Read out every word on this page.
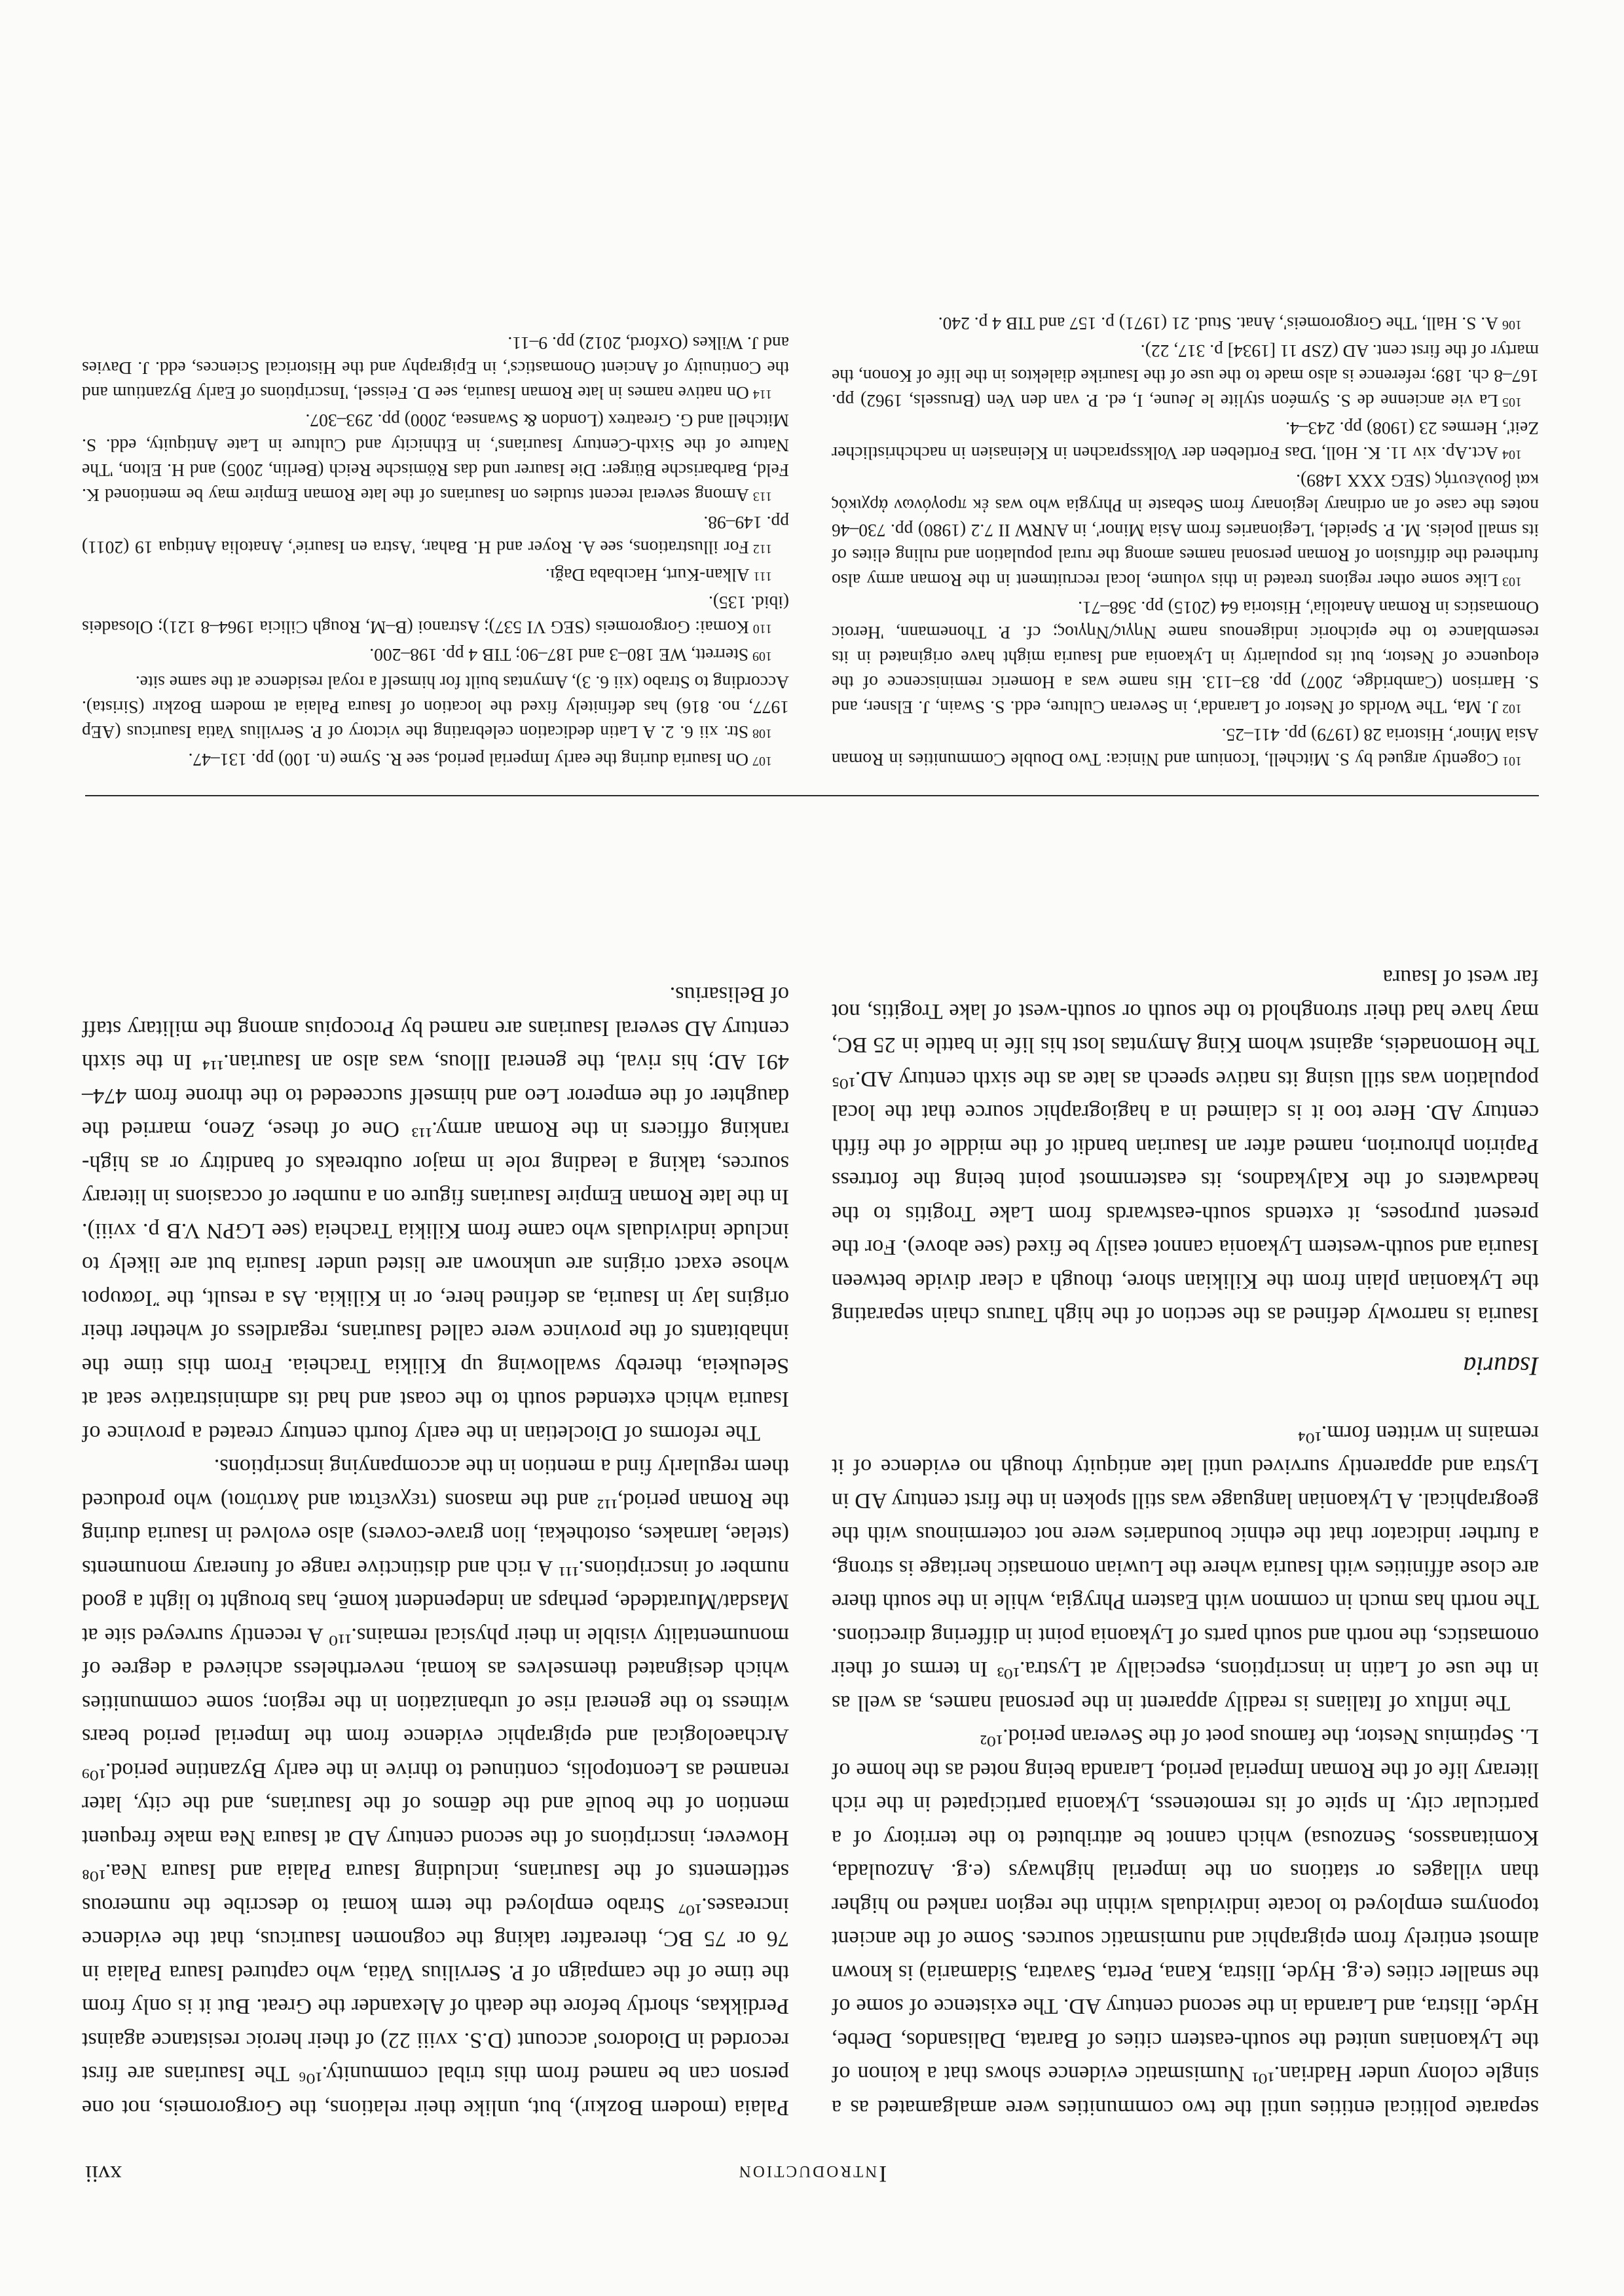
Introduction
xvii

separate political entities until the two communities were amalgamated as a single colony under Hadrian.¹⁰¹ Numismatic evidence shows that a koinon of the Lykaonians united the south-eastern cities of Barata, Dalisandos, Derbe, Hyde, Ilistra, and Laranda in the second century AD. The existence of some of the smaller cities (e.g. Hyde, Ilistra, Kana, Perta, Savatra, Sidamaria) is known almost entirely from epigraphic and numismatic sources. Some of the ancient toponyms employed to locate individuals within the region ranked no higher than villages or stations on the imperial highways (e.g. Anzoulada, Komitanassos, Senzousa) which cannot be attributed to the territory of a particular city. In spite of its remoteness, Lykaonia participated in the rich literary life of the Roman Imperial period, Laranda being noted as the home of L. Septimius Nestor, the famous poet of the Severan period.¹⁰²

The influx of Italians is readily apparent in the personal names, as well as in the use of Latin in inscriptions, especially at Lystra.¹⁰³ In terms of their onomastics, the north and south parts of Lykaonia point in differing directions. The north has much in common with Eastern Phrygia, while in the south there are close affinities with Isauria where the Luwian onomastic heritage is strong, a further indicator that the ethnic boundaries were not coterminous with the geographical. A Lykaonian language was still spoken in the first century AD in Lystra and apparently survived until late antiquity though no evidence of it remains in written form.¹⁰⁴

Isauria

Isauria is narrowly defined as the section of the high Taurus chain separating the Lykaonian plain from the Kilikian shore, though a clear divide between Isauria and south-western Lykaonia cannot easily be fixed (see above). For the present purposes, it extends south-eastwards from Lake Trogitis to the headwaters of the Kalykadnos, its easternmost point being the fortress Papirion phrourion, named after an Isaurian bandit of the middle of the fifth century AD. Here too it is claimed in a hagiographic source that the local population was still using its native speech as late as the sixth century AD.¹⁰⁵ The Homonadeis, against whom King Amyntas lost his life in battle in 25 BC, may have had their stronghold to the south or south-west of lake Trogitis, not far west of Isaura

Palaia (modern Bozkır), but, unlike their relations, the Gorgoromeis, not one person can be named from this tribal community.¹⁰⁶ The Isaurians are first recorded in Diodoros' account (D.S. xviii 22) of their heroic resistance against Perdikkas, shortly before the death of Alexander the Great. But it is only from the time of the campaign of P. Servilius Vatia, who captured Isaura Palaia in 76 or 75 BC, thereafter taking the cognomen Isauricus, that the evidence increases.¹⁰⁷ Strabo employed the term komai to describe the numerous settlements of the Isaurians, including Isaura Palaia and Isaura Nea.¹⁰⁸ However, inscriptions of the second century AD at Isaura Nea make frequent mention of the boulē and the dēmos of the Isaurians, and the city, later renamed as Leontopolis, continued to thrive in the early Byzantine period.¹⁰⁹ Archaeological and epigraphic evidence from the Imperial period bears witness to the general rise of urbanization in the region; some communities which designated themselves as komai, nevertheless achieved a degree of monumentality visible in their physical remains.¹¹⁰ A recently surveyed site at Masdat/Muratdede, perhaps an independent komē, has brought to light a good number of inscriptions.¹¹¹ A rich and distinctive range of funerary monuments (stelae, larnakes, ostothekai, lion grave-covers) also evolved in Isauria during the Roman period,¹¹² and the masons (τεχνεῖται and λατύποι) who produced them regularly find a mention in the accompanying inscriptions.

The reforms of Diocletian in the early fourth century created a province of Isauria which extended south to the coast and had its administrative seat at Seleukeia, thereby swallowing up Kilikia Tracheia. From this time the inhabitants of the province were called Isaurians, regardless of whether their origins lay in Isauria, as defined here, or in Kilikia. As a result, the Ἴσαυροι whose exact origins are unknown are listed under Isauria but are likely to include individuals who came from Kilikia Tracheia (see LGPN V.B p. xviii). In the late Roman Empire Isaurians figure on a number of occasions in literary sources, taking a leading role in major outbreaks of banditry or as high-ranking officers in the Roman army.¹¹³ One of these, Zeno, married the daughter of the emperor Leo and himself succeeded to the throne from 474–491 AD; his rival, the general Illous, was also an Isaurian.¹¹⁴ In the sixth century AD several Isaurians are named by Procopius among the military staff of Belisarius.

101Cogently argued by S. Mitchell, 'Iconium and Ninica: Two Double Communities in Roman Asia Minor', Historia 28 (1979) pp. 411–25.
102J. Ma, 'The Worlds of Nestor of Laranda', in Severan Culture, edd. S. Swain, J. Elsner, and S. Harrison (Cambridge, 2007) pp. 83–113. His name was a Homeric reminiscence of the eloquence of Nestor, but its popularity in Lykaonia and Isauria might have originated in its resemblance to the epichoric indigenous name Νηγις/Νηγιος; cf. P. Thonemann, 'Heroic Onomastics in Roman Anatolia', Historia 64 (2015) pp. 368–71.
103Like some other regions treated in this volume, local recruitment in the Roman army also furthered the diffusion of Roman personal names among the rural population and ruling elites of its small poleis. M. P. Speidel, 'Legionaries from Asia Minor', in ANRW II 7.2 (1980) pp. 730–46 notes the case of an ordinary legionary from Sebaste in Phrygia who was ἐκ προγόνων ἀρχικὸς καὶ βουλευτής (SEG XXX 1489).
104Act.Ap. xiv 11. K. Holl, 'Das Fortleben der Volkssprachen in Kleinasien in nachchristlicher Zeit', Hermes 23 (1908) pp. 243–4.
105La vie ancienne de S. Syméon stylite le Jeune, I, ed. P. van den Ven (Brussels, 1962) pp. 167–8 ch. 189; reference is also made to the use of the Isaurike dialektos in the life of Konon, the martyr of the first cent. AD (ZSP 11 [1934] p. 317, 22).
106A. S. Hall, 'The Gorgoromeis', Anat. Stud. 21 (1971) p. 157 and TIB 4 p. 240.
107On Isauria during the early Imperial period, see R. Syme (n. 100) pp. 131–47.
108Str. xii 6. 2. A Latin dedication celebrating the victory of P. Servilius Vatia Isauricus (AEp 1977, no. 816) has definitely fixed the location of Isaura Palaia at modern Bozkır (Sirista). According to Strabo (xii 6. 3), Amyntas built for himself a royal residence at the same site.
109Sterrett, WE 180–3 and 187–90; TIB 4 pp. 198–200.
110Komai: Gorgoromeis (SEG VI 537); Astranoi (B–M, Rough Cilicia 1964–8 121); Olosadeis (ibid. 135).
111Alkan-Kurt, Hacıbaba Dağı.
112For illustrations, see A. Royer and H. Bahar, 'Astra en Isaurie', Anatolia Antiqua 19 (2011) pp. 149–98.
113Among several recent studies on Isaurians of the late Roman Empire may be mentioned K. Feld, Barbarische Bürger: Die Isaurer und das Römische Reich (Berlin, 2005) and H. Elton, 'The Nature of the Sixth-Century Isaurians', in Ethnicity and Culture in Late Antiquity, edd. S. Mitchell and G. Greatrex (London & Swansea, 2000) pp. 293–307.
114On native names in late Roman Isauria, see D. Feissel, 'Inscriptions of Early Byzantium and the Continuity of Ancient Onomastics', in Epigraphy and the Historical Sciences, edd. J. Davies and J. Wilkes (Oxford, 2012) pp. 9–11.
